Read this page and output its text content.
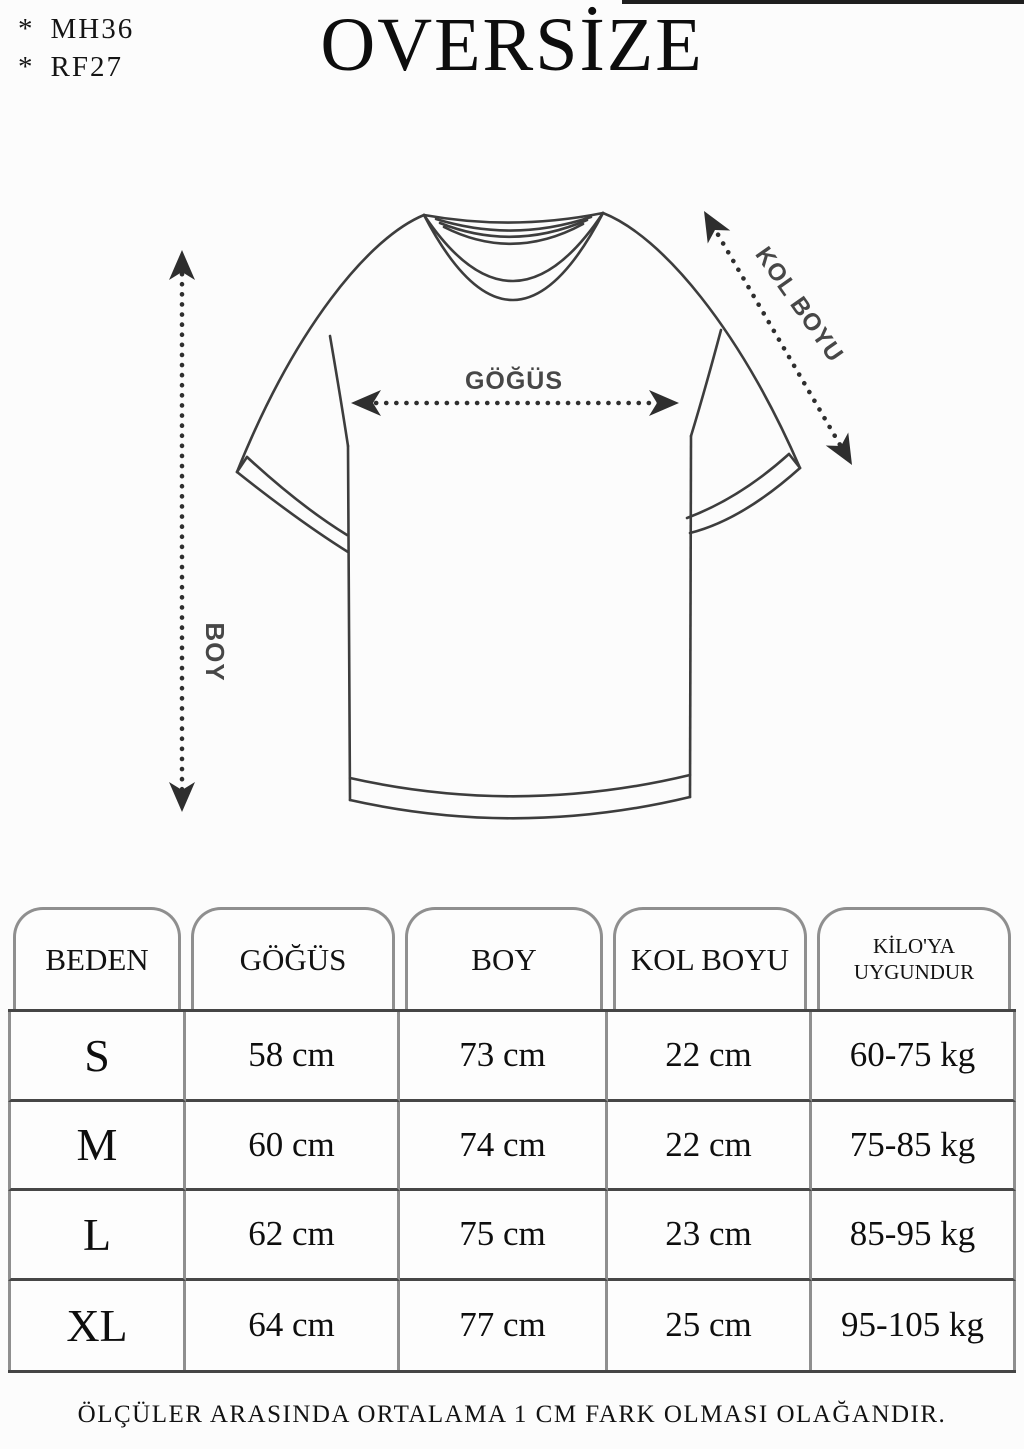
* MH36
* RF27	OVERSİZE
BOY
GÖĞÜS
KOL BOYU
BEDEN	GÖĞÜS	BOY	KOL BOYU	KİLO'YA UYGUNDUR
S	58 cm	73 cm	22 cm	60-75 kg
M	60 cm	74 cm	22 cm	75-85 kg
L	62 cm	75 cm	23 cm	85-95 kg
XL	64 cm	77 cm	25 cm	95-105 kg
ÖLÇÜLER ARASINDA ORTALAMA 1 CM FARK OLMASI OLAĞANDIR.
